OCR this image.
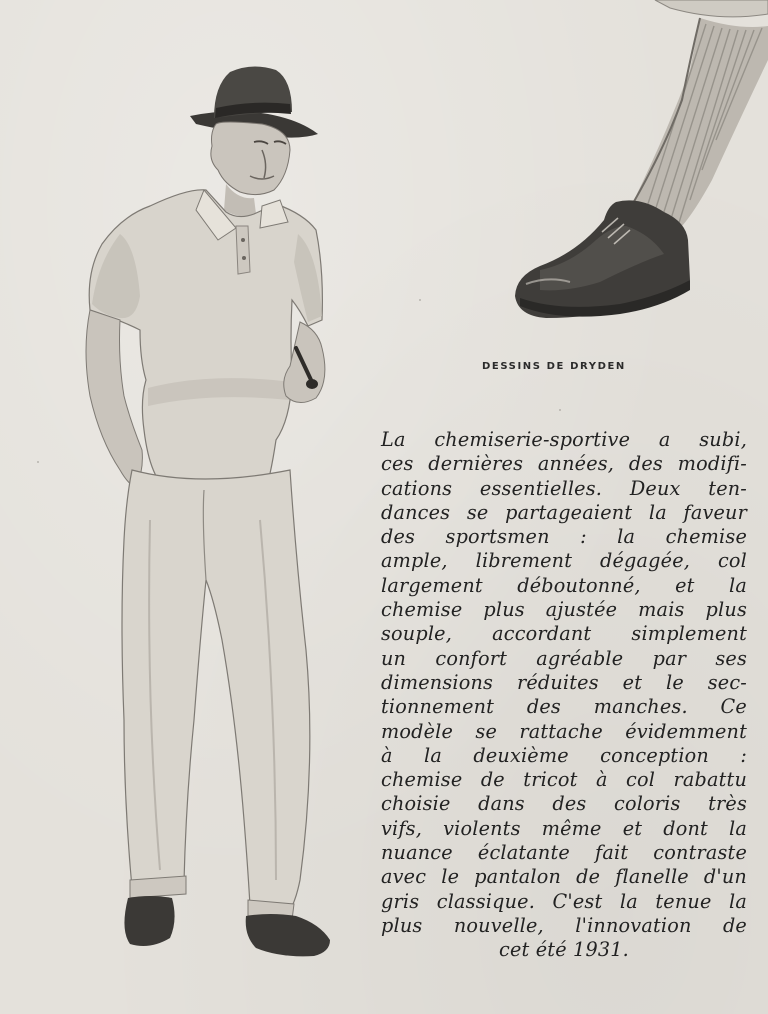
DESSINS DE DRYDEN
La chemiserie-sportive a subi,
ces dernières années, des modifi-
cations essentielles. Deux ten-
dances se partageaient la faveur
des sportsmen : la chemise
ample, librement dégagée, col
largement déboutonné, et la
chemise plus ajustée mais plus
souple, accordant simplement
un confort agréable par ses
dimensions réduites et le sec-
tionnement des manches. Ce
modèle se rattache évidemment
à la deuxième conception :
chemise de tricot à col rabattu
choisie dans des coloris très
vifs, violents même et dont la
nuance éclatante fait contraste
avec le pantalon de flanelle d'un
gris classique. C'est la tenue la
plus nouvelle, l'innovation de
cet été 1931.
